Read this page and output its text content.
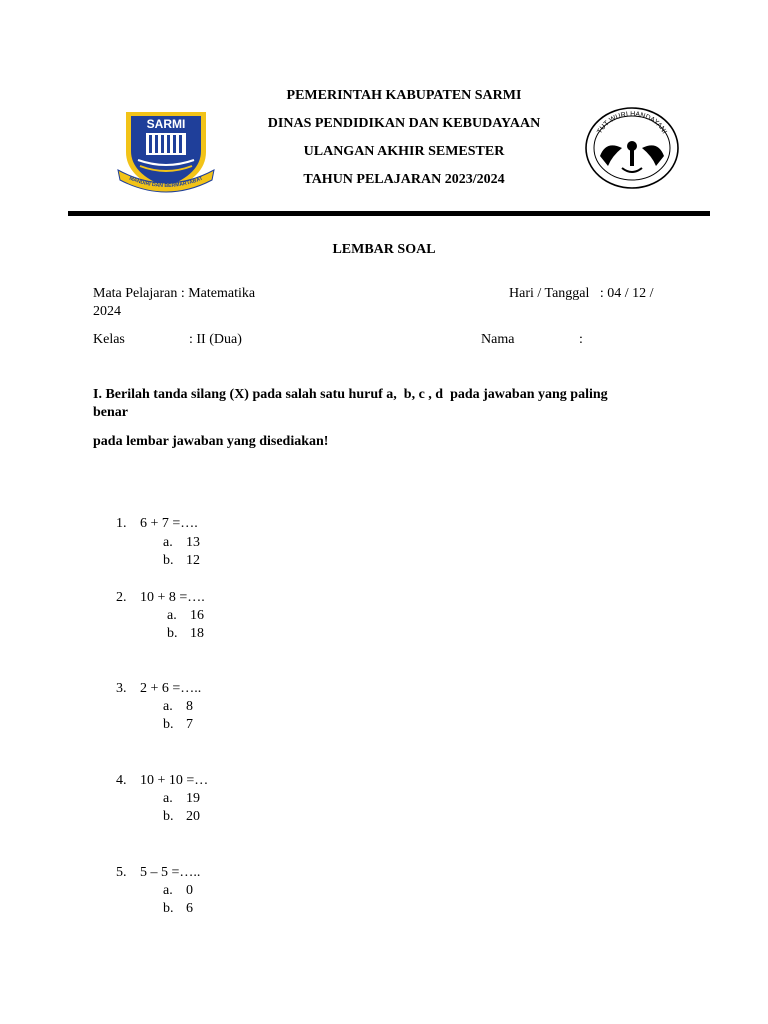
PEMERINTAH KABUPATEN SARMI
DINAS PENDIDIKAN DAN KEBUDAYAAN
ULANGAN AKHIR SEMESTER
TAHUN PELAJARAN 2023/2024
SARMI
MANDIRI DAN BERMARTABAT
TUT WURI HANDAYANI
LEMBAR SOAL
Mata Pelajaran : Matematika	Hari / Tanggal   : 04 / 12 /
2024
Kelas	: II (Dua)	Nama	:
I. Berilah tanda silang (X) pada salah satu huruf a,  b, c , d  pada jawaban yang paling
benar
pada lembar jawaban yang disediakan!
1. 6 + 7 =….
a. 13
b. 12
2. 10 + 8 =….
a. 16
b. 18
3. 2 + 6 =…..
a. 8
b. 7
4. 10 + 10 =…
a. 19
b. 20
5. 5 – 5 =…..
a. 0
b. 6
